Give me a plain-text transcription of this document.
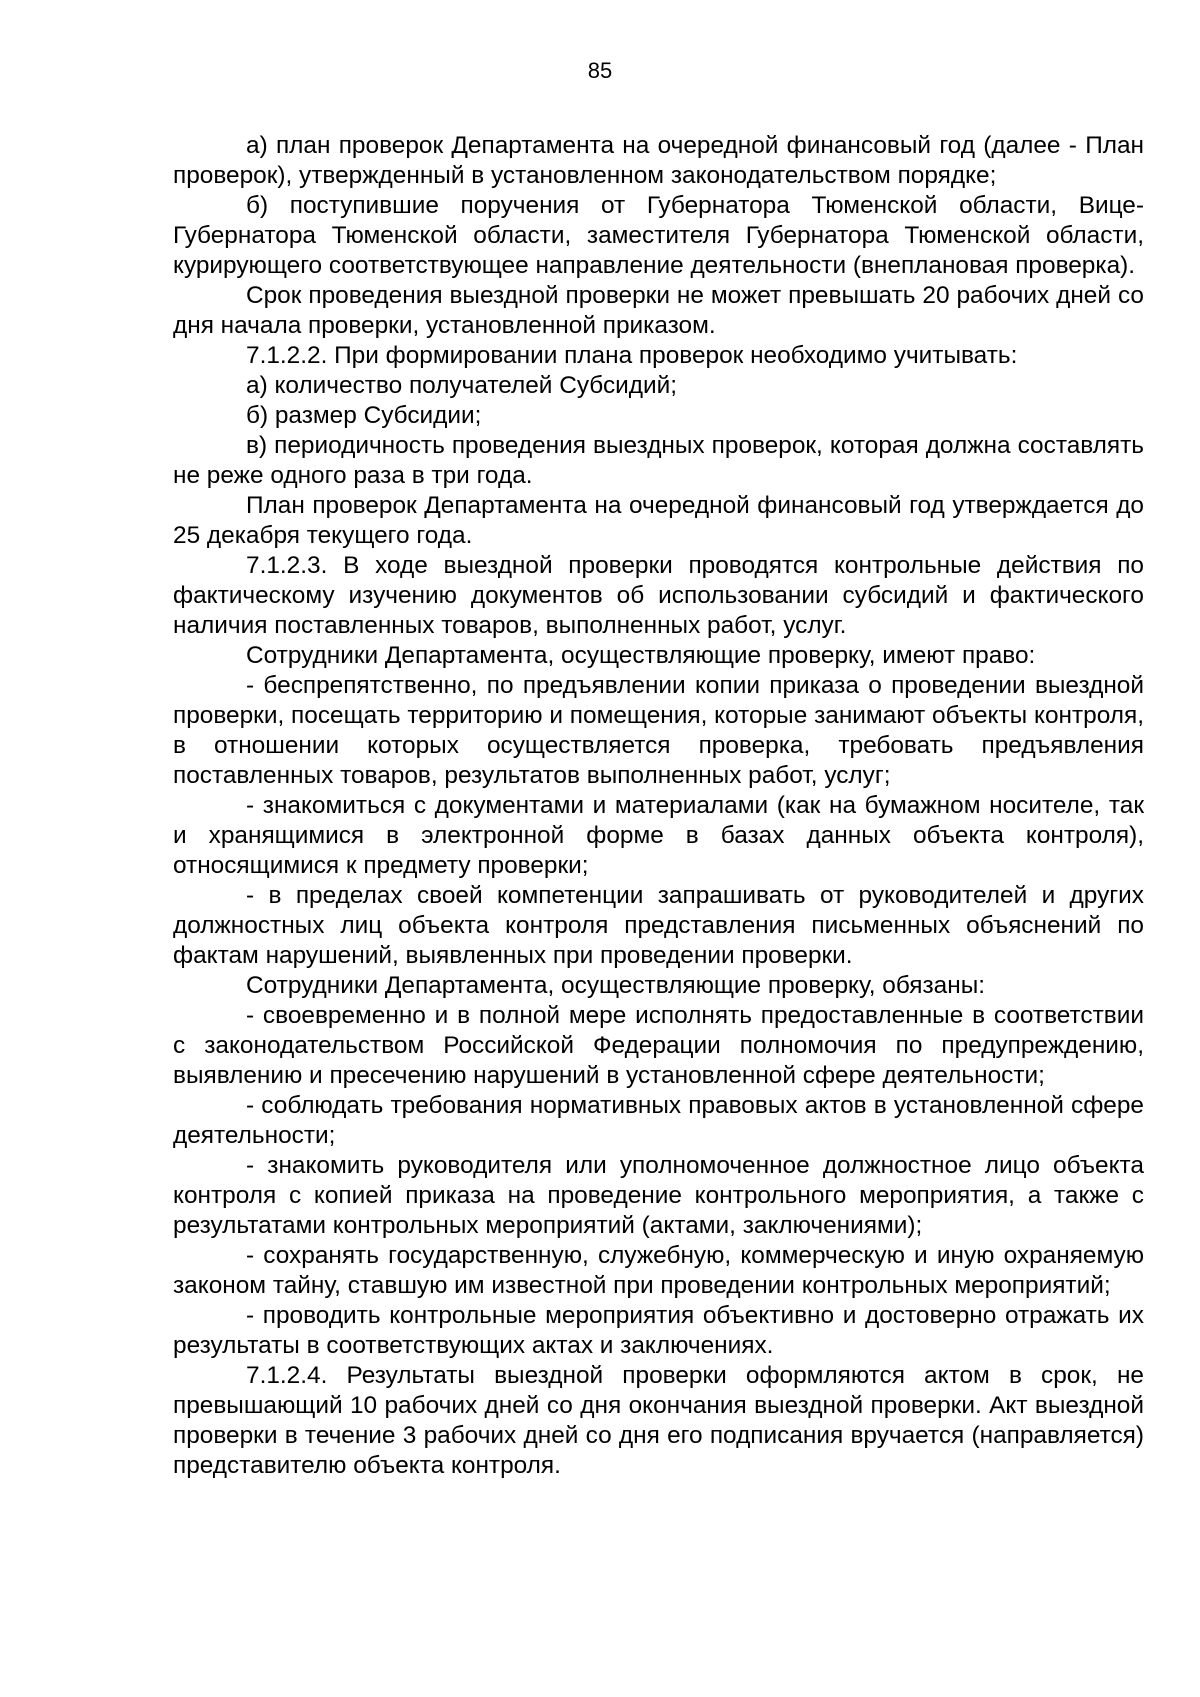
85

а) план проверок Департамента на очередной финансовый год (далее - План проверок), утвержденный в установленном законодательством порядке;

б) поступившие поручения от Губернатора Тюменской области, Вице-Губернатора Тюменской области, заместителя Губернатора Тюменской области, курирующего соответствующее направление деятельности (внеплановая проверка).

Срок проведения выездной проверки не может превышать 20 рабочих дней со дня начала проверки, установленной приказом.

7.1.2.2. При формировании плана проверок необходимо учитывать:

а) количество получателей Субсидий;

б) размер Субсидии;

в) периодичность проведения выездных проверок, которая должна составлять не реже одного раза в три года.

План проверок Департамента на очередной финансовый год утверждается до 25 декабря текущего года.

7.1.2.3. В ходе выездной проверки проводятся контрольные действия по фактическому изучению документов об использовании субсидий и фактического наличия поставленных товаров, выполненных работ, услуг.

Сотрудники Департамента, осуществляющие проверку, имеют право:

- беспрепятственно, по предъявлении копии приказа о проведении выездной проверки, посещать территорию и помещения, которые занимают объекты контроля, в отношении которых осуществляется проверка, требовать предъявления поставленных товаров, результатов выполненных работ, услуг;

- знакомиться с документами и материалами (как на бумажном носителе, так и хранящимися в электронной форме в базах данных объекта контроля), относящимися к предмету проверки;

- в пределах своей компетенции запрашивать от руководителей и других должностных лиц объекта контроля представления письменных объяснений по фактам нарушений, выявленных при проведении проверки.

Сотрудники Департамента, осуществляющие проверку, обязаны:

- своевременно и в полной мере исполнять предоставленные в соответствии с законодательством Российской Федерации полномочия по предупреждению, выявлению и пресечению нарушений в установленной сфере деятельности;

- соблюдать требования нормативных правовых актов в установленной сфере деятельности;

- знакомить руководителя или уполномоченное должностное лицо объекта контроля с копией приказа на проведение контрольного мероприятия, а также с результатами контрольных мероприятий (актами, заключениями);

- сохранять государственную, служебную, коммерческую и иную охраняемую законом тайну, ставшую им известной при проведении контрольных мероприятий;

- проводить контрольные мероприятия объективно и достоверно отражать их результаты в соответствующих актах и заключениях.

7.1.2.4. Результаты выездной проверки оформляются актом в срок, не превышающий 10 рабочих дней со дня окончания выездной проверки. Акт выездной проверки в течение 3 рабочих дней со дня его подписания вручается (направляется) представителю объекта контроля.
